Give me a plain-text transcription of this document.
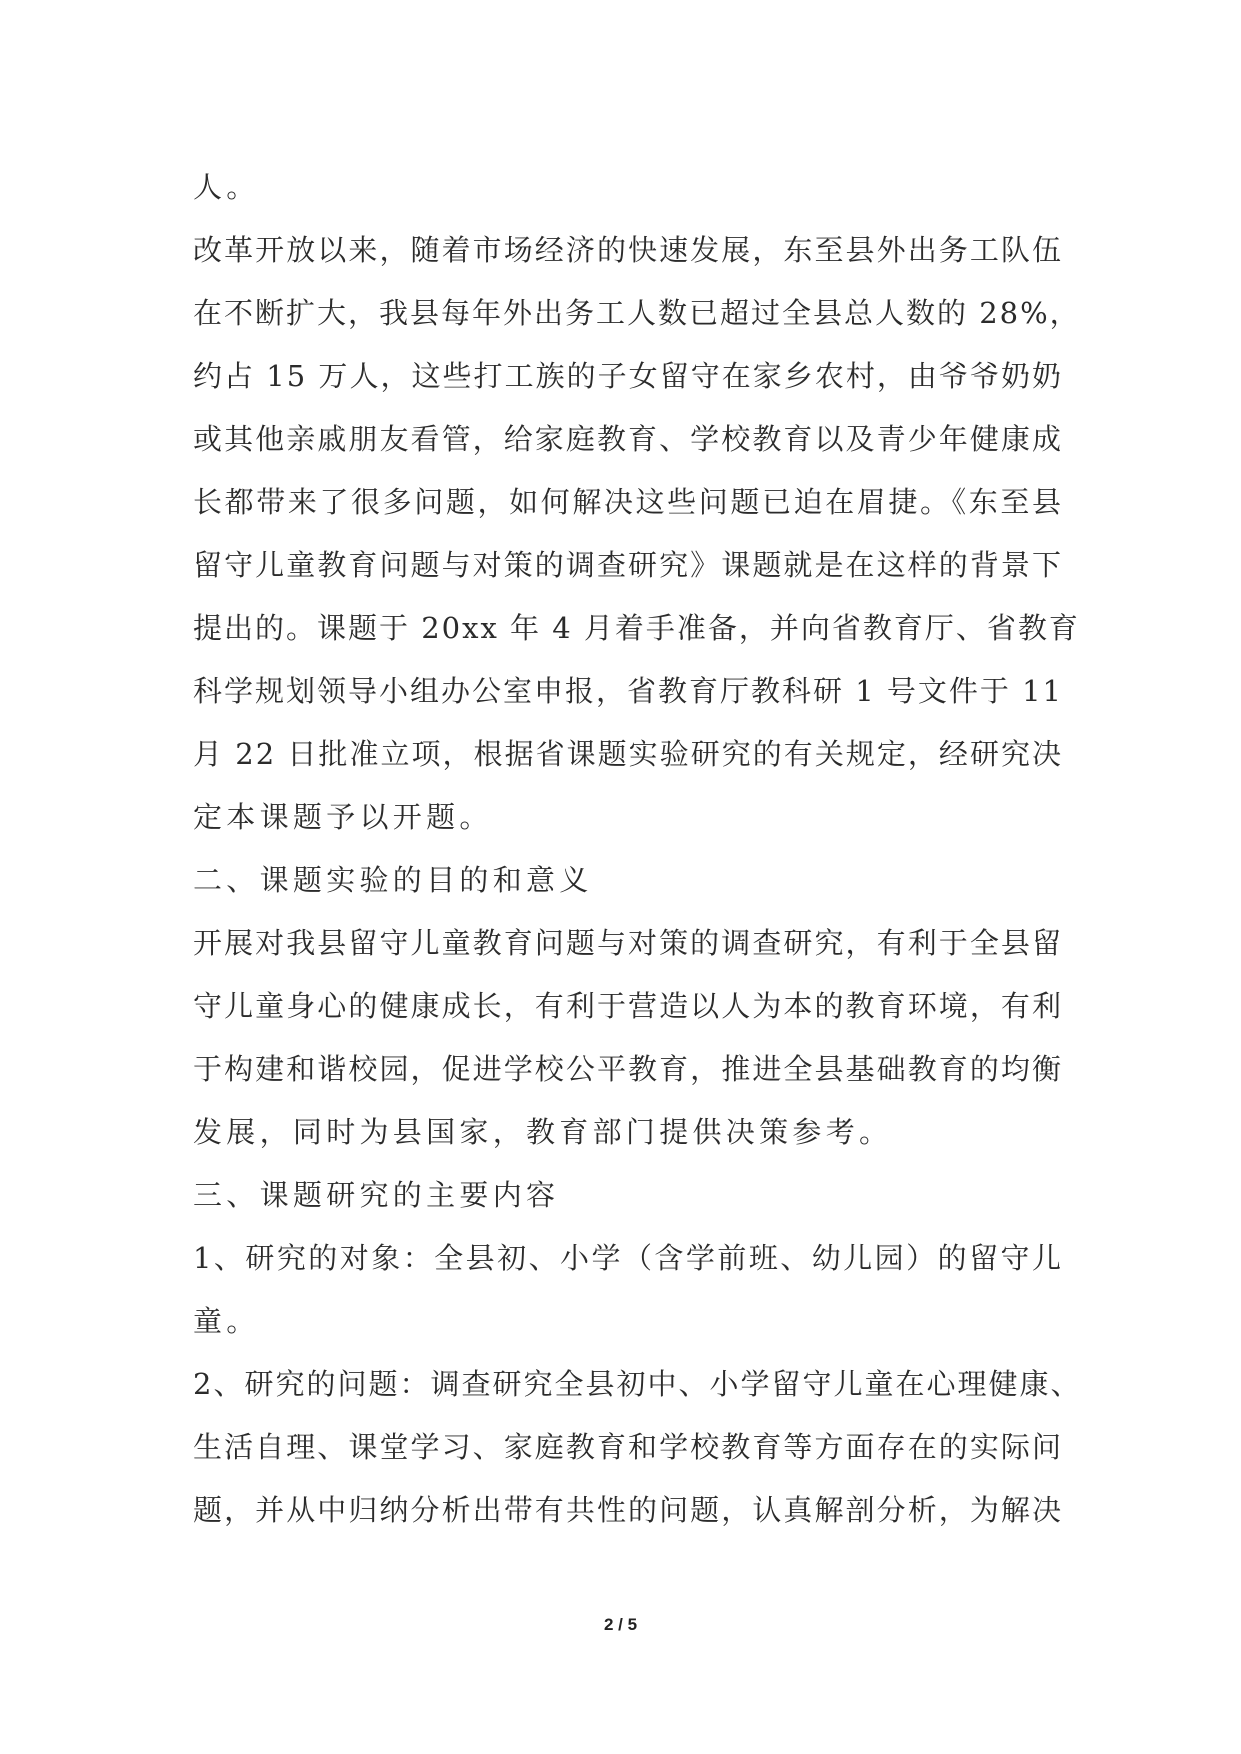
人。
改革开放以来，随着市场经济的快速发展，东至县外出务工队伍
在不断扩大，我县每年外出务工人数已超过全县总人数的 28%，
约占 15 万人，这些打工族的子女留守在家乡农村，由爷爷奶奶
或其他亲戚朋友看管，给家庭教育、学校教育以及青少年健康成
长都带来了很多问题，如何解决这些问题已迫在眉捷。《东至县
留守儿童教育问题与对策的调查研究》课题就是在这样的背景下
提出的。课题于 20xx 年 4 月着手准备，并向省教育厅、省教育
科学规划领导小组办公室申报，省教育厅教科研 1 号文件于 11
月 22 日批准立项，根据省课题实验研究的有关规定，经研究决
定本课题予以开题。
二、课题实验的目的和意义
开展对我县留守儿童教育问题与对策的调查研究，有利于全县留
守儿童身心的健康成长，有利于营造以人为本的教育环境，有利
于构建和谐校园，促进学校公平教育，推进全县基础教育的均衡
发展，同时为县国家，教育部门提供决策参考。
三、课题研究的主要内容
1、研究的对象：全县初、小学（含学前班、幼儿园）的留守儿
童。
2、研究的问题：调查研究全县初中、小学留守儿童在心理健康、
生活自理、课堂学习、家庭教育和学校教育等方面存在的实际问
题，并从中归纳分析出带有共性的问题，认真解剖分析，为解决
2 / 5
